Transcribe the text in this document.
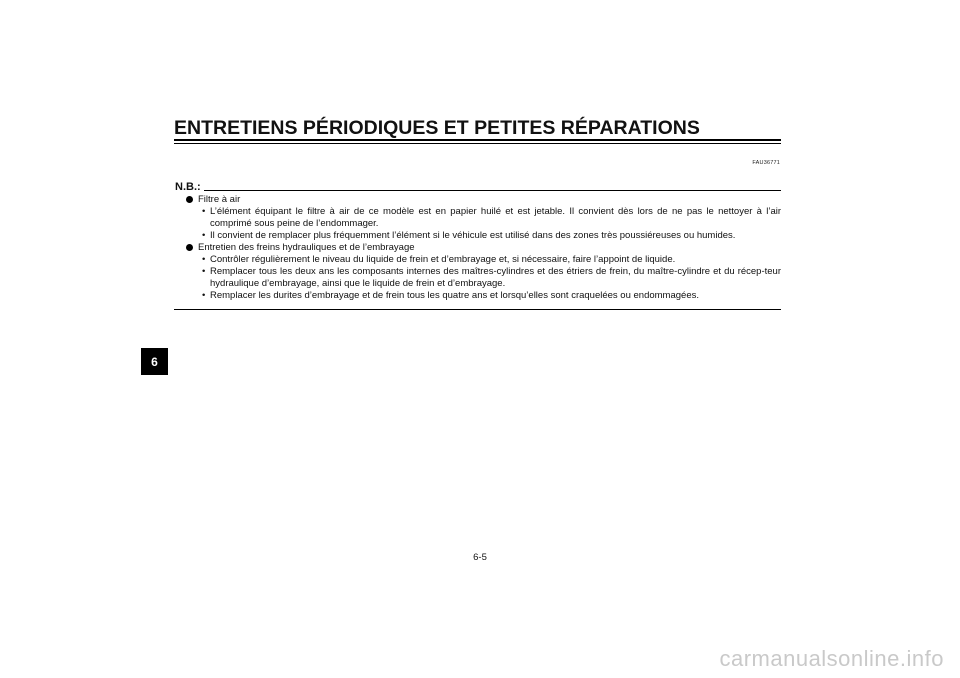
ENTRETIENS PÉRIODIQUES ET PETITES RÉPARATIONS
FAU36771
6
N.B.:
Filtre à air
• L’élément équipant le filtre à air de ce modèle est en papier huilé et est jetable. Il convient dès lors de ne pas le nettoyer à l’air comprimé sous peine de l’endommager.
• Il convient de remplacer plus fréquemment l’élément si le véhicule est utilisé dans des zones très poussiéreuses ou humides.
Entretien des freins hydrauliques et de l’embrayage
• Contrôler régulièrement le niveau du liquide de frein et d’embrayage et, si nécessaire, faire l’appoint de liquide.
• Remplacer tous les deux ans les composants internes des maîtres-cylindres et des étriers de frein, du maître-cylindre et du récep-teur hydraulique d’embrayage, ainsi que le liquide de frein et d’embrayage.
• Remplacer les durites d’embrayage et de frein tous les quatre ans et lorsqu’elles sont craquelées ou endommagées.
6-5
carmanualsonline.info
